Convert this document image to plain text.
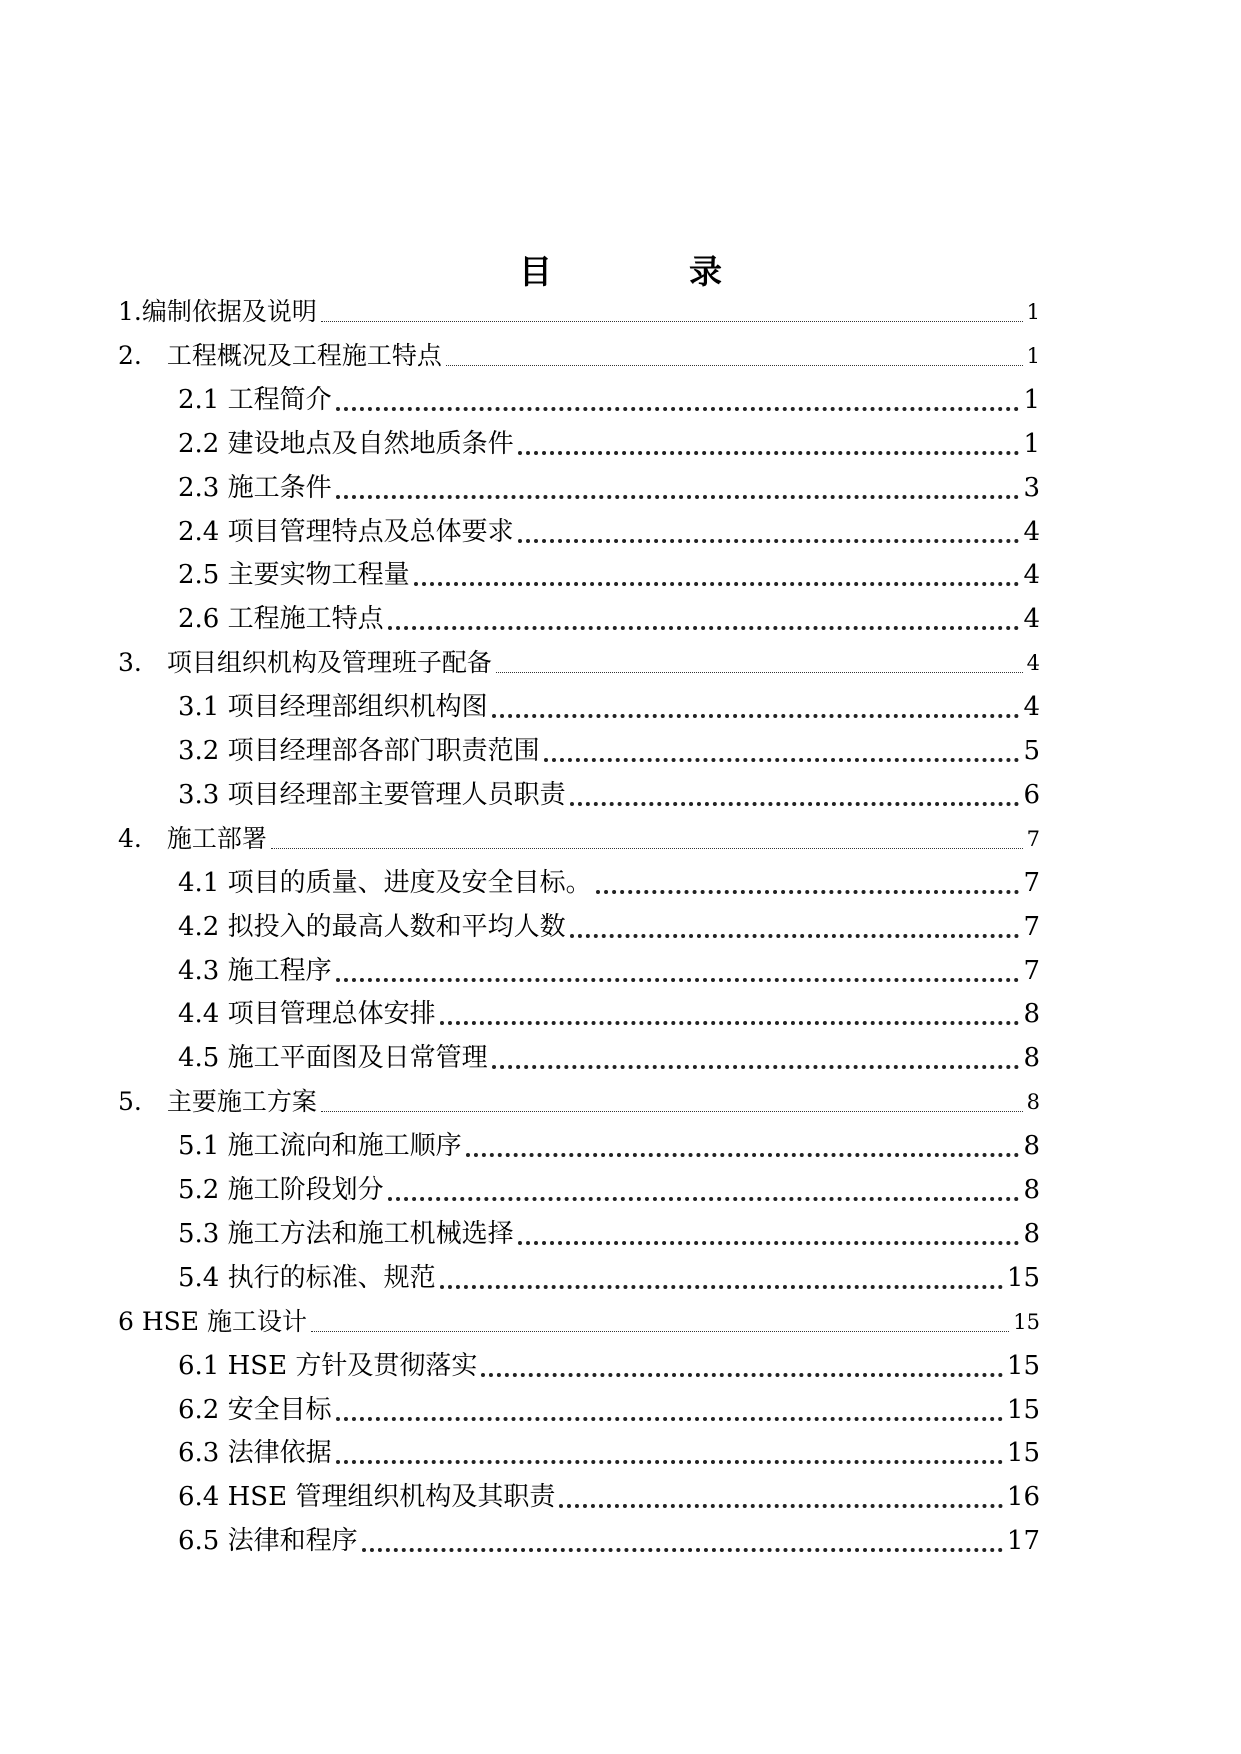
目　录
1.编制依据及说明	1
2.　工程概况及工程施工特点	1
2.1 工程简介	1
2.2 建设地点及自然地质条件	1
2.3 施工条件	3
2.4 项目管理特点及总体要求	4
2.5 主要实物工程量	4
2.6 工程施工特点	4
3.　项目组织机构及管理班子配备	4
3.1 项目经理部组织机构图	4
3.2 项目经理部各部门职责范围	5
3.3 项目经理部主要管理人员职责	6
4.　施工部署	7
4.1 项目的质量、进度及安全目标。	7
4.2 拟投入的最高人数和平均人数	7
4.3 施工程序	7
4.4 项目管理总体安排	8
4.5 施工平面图及日常管理	8
5.　主要施工方案	8
5.1 施工流向和施工顺序	8
5.2 施工阶段划分	8
5.3 施工方法和施工机械选择	8
5.4 执行的标准、规范	15
6 HSE 施工设计	15
6.1 HSE 方针及贯彻落实	15
6.2 安全目标	15
6.3 法律依据	15
6.4 HSE 管理组织机构及其职责	16
6.5 法律和程序	17
